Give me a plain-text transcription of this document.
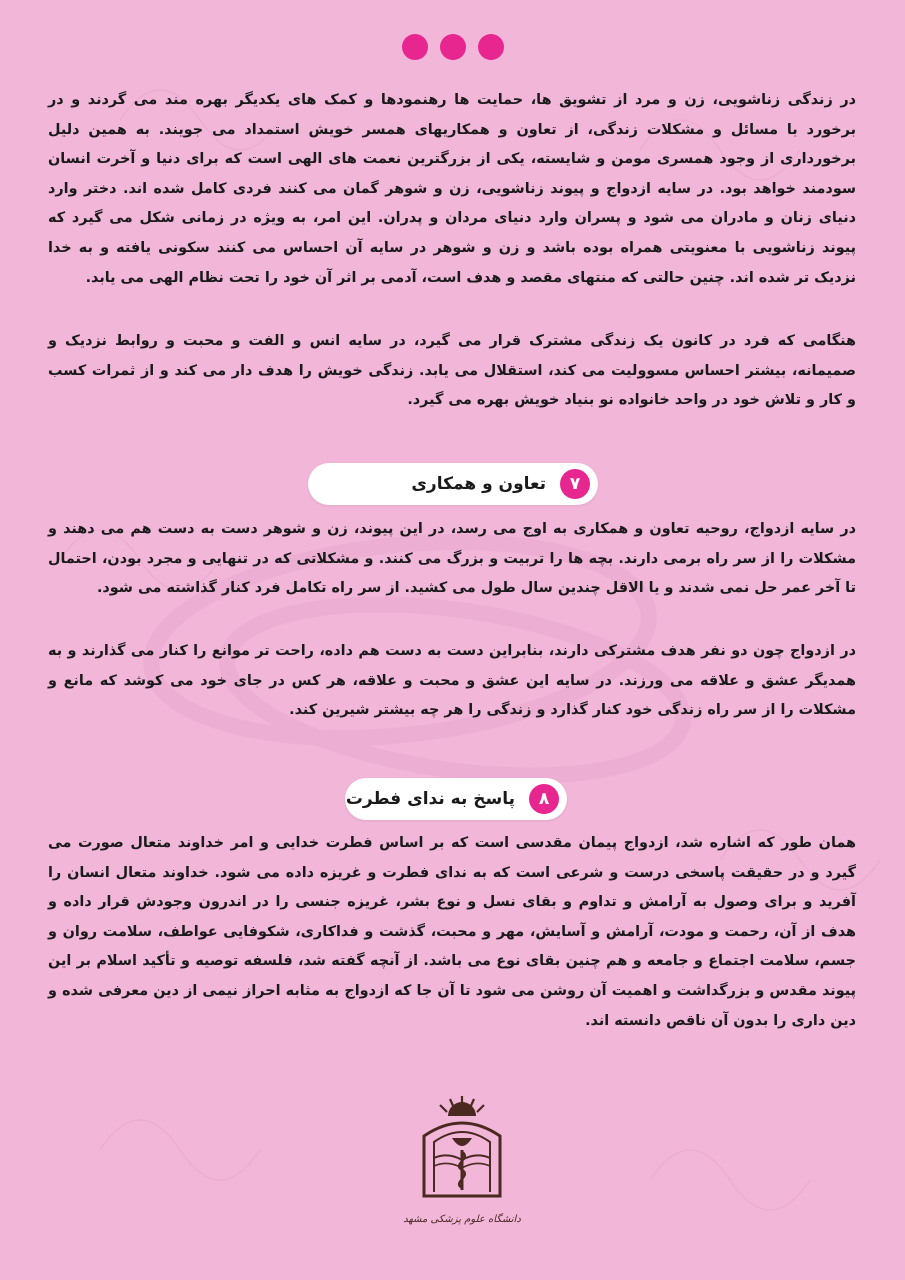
در زندگی زناشویی، زن و مرد از تشویق ها، حمایت ها رهنمودها و کمک های یکدیگر بهره مند می گردند و در برخورد با مسائل و مشکلات زندگی، از تعاون و همکاریهای همسر خویش استمداد می جویند. به همین دلیل برخورداری از وجود همسری مومن و شایسته، یکی از بزرگترین نعمت های الهی است که برای دنیا و آخرت انسان سودمند خواهد بود. در سایه ازدواج و پیوند زناشویی، زن و شوهر گمان می کنند فردی کامل شده اند. دختر وارد دنیای زنان و مادران می شود و پسران وارد دنیای مردان و پدران. این امر، به ویژه در زمانی شکل می گیرد که پیوند زناشویی با معنویتی همراه بوده باشد و زن و شوهر در سایه آن احساس می کنند سکونی یافته و به خدا نزدیک تر شده اند. چنین حالتی که منتهای مقصد و هدف است، آدمی بر اثر آن خود را تحت نظام الهی می یابد.

هنگامی که فرد در کانون یک زندگی مشترک قرار می گیرد، در سایه انس و الفت و محبت و روابط نزدیک و صمیمانه، بیشتر احساس مسوولیت می کند، استقلال می یابد. زندگی خویش را هدف دار می کند و از ثمرات کسب و کار و تلاش خود در واحد خانواده نو بنیاد خویش بهره می گیرد.

۷
تعاون و همکاری

در سایه ازدواج، روحیه تعاون و همکاری به اوج می رسد، در این پیوند، زن و شوهر دست به دست هم می دهند و مشکلات را از سر راه برمی دارند. بچه ها را تربیت و بزرگ می کنند. و مشکلاتی که در تنهایی و مجرد بودن، احتمال تا آخر عمر حل نمی شدند و یا الاقل چندین سال طول می کشید. از سر راه تکامل فرد کنار گذاشته می شود.

در ازدواج چون دو نفر هدف مشترکی دارند، بنابراین دست به دست هم داده، راحت تر موانع را کنار می گذارند و به همدیگر عشق و علاقه می ورزند. در سایه این عشق و محبت و علاقه، هر کس در جای خود می کوشد که مانع و مشکلات را از سر راه زندگی خود کنار گذارد و زندگی را هر چه بیشتر شیرین کند.

۸
پاسخ به ندای فطرت

همان طور که اشاره شد، ازدواج پیمان مقدسی است که بر اساس فطرت خدایی و امر خداوند متعال صورت می گیرد و در حقیقت پاسخی درست و شرعی است که به ندای فطرت و غریزه داده می شود. خداوند متعال انسان را آفرید و برای وصول به آرامش و تداوم و بقای نسل و نوع بشر، غریزه جنسی را در اندرون وجودش قرار داده و هدف از آن، رحمت و مودت، آرامش و آسایش، مهر و محبت، گذشت و فداکاری، شکوفایی عواطف، سلامت روان و جسم، سلامت اجتماع و جامعه و هم چنین بقای نوع می باشد. از آنچه گفته شد، فلسفه توصیه و تأکید اسلام بر این پیوند مقدس و بزرگداشت و اهمیت آن روشن می شود تا آن جا که ازدواج به مثابه احراز نیمی از دین معرفی شده و دین داری را بدون آن ناقص دانسته اند.

دانشگاه علوم پزشکی مشهد
